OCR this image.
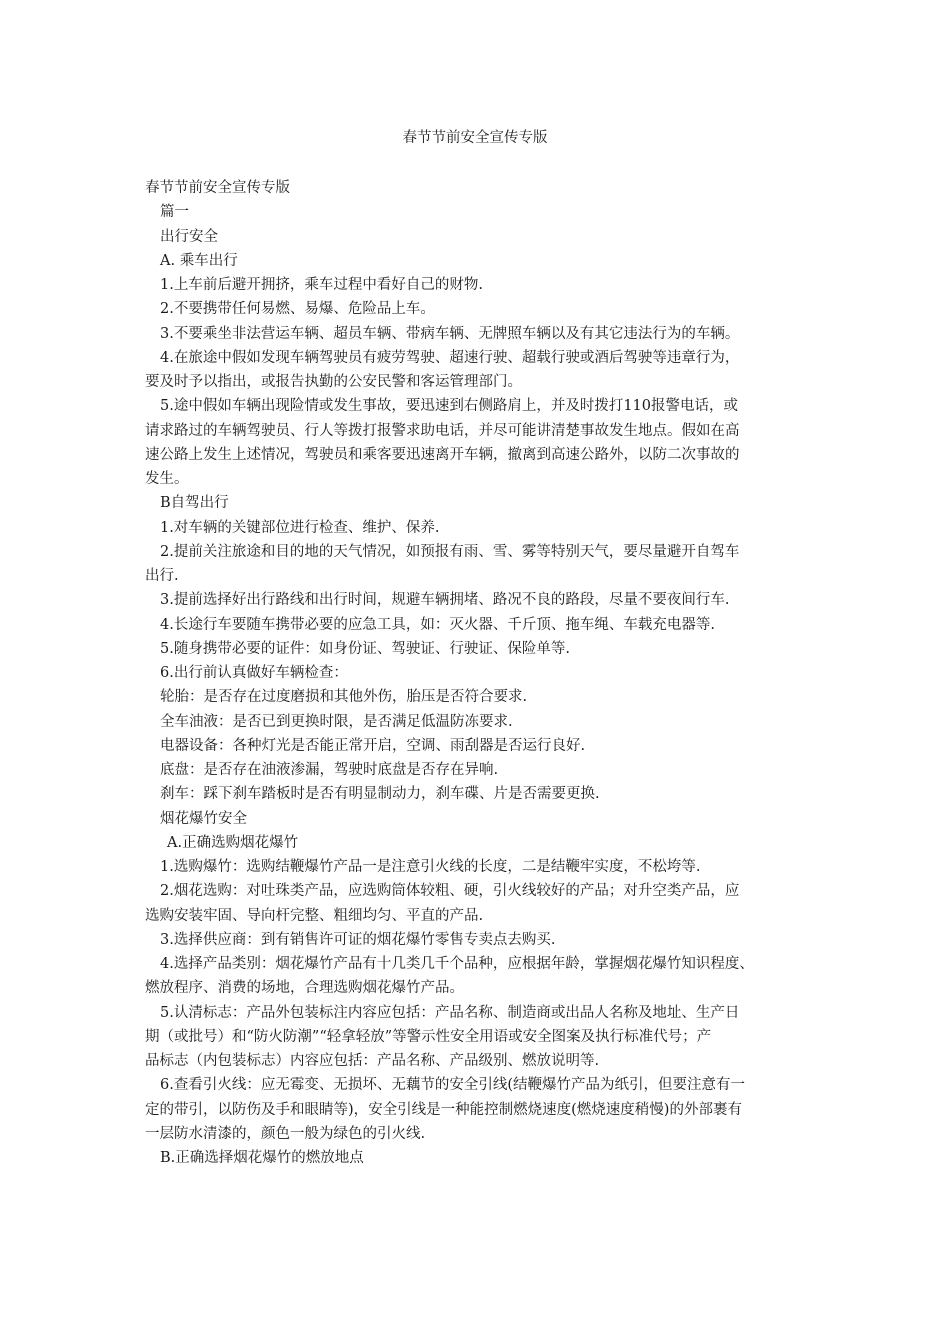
春节节前安全宣传专版

春节节前安全宣传专版

篇一

出行安全

A. 乘车出行

1.上车前后避开拥挤，乘车过程中看好自己的财物.

2.不要携带任何易燃、易爆、危险品上车。

3.不要乘坐非法营运车辆、超员车辆、带病车辆、无牌照车辆以及有其它违法行为的车辆。

4.在旅途中假如发现车辆驾驶员有疲劳驾驶、超速行驶、超载行驶或酒后驾驶等违章行为，

要及时予以指出，或报告执勤的公安民警和客运管理部门。

5.途中假如车辆出现险情或发生事故，要迅速到右侧路肩上，并及时拨打110报警电话，或

请求路过的车辆驾驶员、行人等拨打报警求助电话，并尽可能讲清楚事故发生地点。假如在高

速公路上发生上述情况，驾驶员和乘客要迅速离开车辆，撤离到高速公路外，以防二次事故的

发生。

B自驾出行

1.对车辆的关键部位进行检查、维护、保养.

2.提前关注旅途和目的地的天气情况，如预报有雨、雪、雾等特别天气，要尽量避开自驾车

出行.

3.提前选择好出行路线和出行时间，规避车辆拥堵、路况不良的路段，尽量不要夜间行车.

4.长途行车要随车携带必要的应急工具，如：灭火器、千斤顶、拖车绳、车载充电器等.

5.随身携带必要的证件：如身份证、驾驶证、行驶证、保险单等.

6.出行前认真做好车辆检查：

轮胎：是否存在过度磨损和其他外伤，胎压是否符合要求.

全车油液：是否已到更换时限，是否满足低温防冻要求.

电器设备：各种灯光是否能正常开启，空调、雨刮器是否运行良好.

底盘：是否存在油液渗漏，驾驶时底盘是否存在异响.

刹车：踩下刹车踏板时是否有明显制动力，刹车碟、片是否需要更换.

烟花爆竹安全

A.正确选购烟花爆竹

1.选购爆竹：选购结鞭爆竹产品一是注意引火线的长度，二是结鞭牢实度，不松垮等.

2.烟花选购：对吐珠类产品，应选购筒体较粗、硬，引火线较好的产品；对升空类产品，应

选购安装牢固、导向杆完整、粗细均匀、平直的产品.

3.选择供应商：到有销售许可证的烟花爆竹零售专卖点去购买.

4.选择产品类别：烟花爆竹产品有十几类几千个品种，应根据年龄，掌握烟花爆竹知识程度、

燃放程序、消费的场地，合理选购烟花爆竹产品。

5.认清标志：产品外包装标注内容应包括：产品名称、制造商或出品人名称及地址、生产日

期（或批号）和“防火防潮”“轻拿轻放”等警示性安全用语或安全图案及执行标准代号；产

品标志（内包装标志）内容应包括：产品名称、产品级别、燃放说明等.

6.查看引火线：应无霉变、无损坏、无藕节的安全引线(结鞭爆竹产品为纸引，但要注意有一

定的带引，以防伤及手和眼睛等)，安全引线是一种能控制燃烧速度(燃烧速度稍慢)的外部裹有

一层防水清漆的，颜色一般为绿色的引火线.

B.正确选择烟花爆竹的燃放地点
